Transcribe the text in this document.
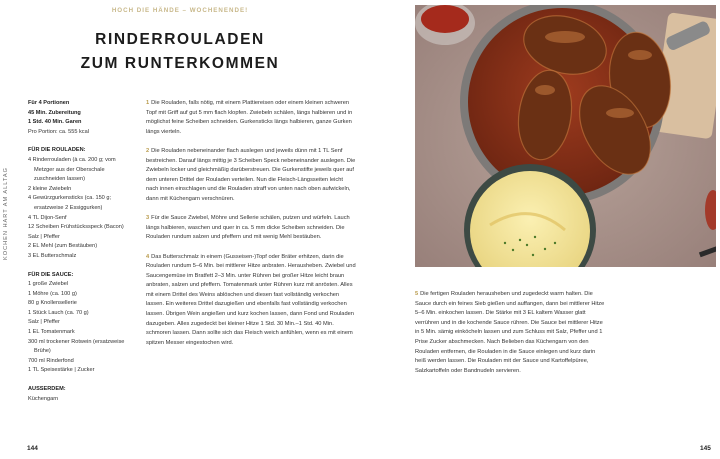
HOCH DIE HÄNDE – WOCHENENDE!
RINDERROULADEN
ZUM RUNTERKOMMEN
KOCHEN HART AM ALLTAG
Für 4 Portionen
45 Min. Zubereitung
1 Std. 40 Min. Garen
Pro Portion: ca. 555 kcal
FÜR DIE ROULADEN:
4 Rinderrouladen (à ca. 200 g; vom Metzger aus der Oberschale zuschneiden lassen)
2 kleine Zwiebeln
4 Gewürzgurkensticks (ca. 150 g; ersatzweise 2 Essiggurken)
4 TL Dijon-Senf
12 Scheiben Frühstücksspeck (Bacon)
Salz | Pfeffer
2 EL Mehl (zum Bestäuben)
3 EL Butterschmalz
FÜR DIE SAUCE:
1 große Zwiebel
1 Möhre (ca. 100 g)
80 g Knollensellerie
1 Stück Lauch (ca. 70 g)
Salz | Pfeffer
1 EL Tomatenmark
300 ml trockener Rotwein (ersatzweise Brühe)
700 ml Rinderfond
1 TL Speisestärke | Zucker
AUSSERDEM:
Küchengarn

1 Die Rouladen, falls nötig, mit einem Plattiereisen oder einem kleinen schweren Topf mit Griff auf gut 5 mm flach klopfen. Zwiebeln schälen, längs halbieren und in möglichst feine Scheiben schneiden. Gurkensticks längs halbieren, ganze Gurken längs vierteln.

2 Die Rouladen nebeneinander flach auslegen und jeweils dünn mit 1 TL Senf bestreichen. Darauf längs mittig je 3 Scheiben Speck nebeneinander auslegen. Die Zwiebeln locker und gleichmäßig darüberstreuen. Die Gurkenstifte jeweils quer auf dem unteren Drittel der Rouladen verteilen. Nun die Fleisch-Längsseiten leicht nach innen einschlagen und die Rouladen straff von unten nach oben aufwickeln, dann mit Küchengarn verschnüren.

3 Für die Sauce Zwiebel, Möhre und Sellerie schälen, putzen und würfeln. Lauch längs halbieren, waschen und quer in ca. 5 mm dicke Scheiben schneiden. Die Rouladen rundum salzen und pfeffern und mit wenig Mehl bestäuben.

4 Das Butterschmalz in einem (Gusseisen-)Topf oder Bräter erhitzen, darin die Rouladen rundum 5–6 Min. bei mittlerer Hitze anbraten. Herausheben. Zwiebel und Saucengemüse im Bratfett 2–3 Min. unter Rühren bei großer Hitze leicht braun anbraten, salzen und pfeffern. Tomatenmark unter Rühren kurz mit anrösten. Alles mit einem Drittel des Weins ablöschen und diesen fast vollständig verkochen lassen. Ein weiteres Drittel dazugießen und ebenfalls fast vollständig verkochen lassen. Übrigen Wein angießen und kurz kochen lassen, dann Fond und Rouladen dazugeben. Alles zugedeckt bei kleiner Hitze 1 Std. 30 Min.–1 Std. 40 Min. schmoren lassen. Dann sollte sich das Fleisch weich anfühlen, wenn es mit einem spitzen Messer eingestochen wird.

144

5 Die fertigen Rouladen herausheben und zugedeckt warm halten. Die Sauce durch ein feines Sieb gießen und auffangen, dann bei mittlerer Hitze 5–6 Min. einkochen lassen. Die Stärke mit 3 EL kaltem Wasser glatt verrühren und in die kochende Sauce rühren. Die Sauce bei mittlerer Hitze in 5 Min. sämig einköcheln lassen und zum Schluss mit Salz, Pfeffer und 1 Prise Zucker abschmecken. Nach Belieben das Küchengarn von den Rouladen entfernen, die Rouladen in die Sauce einlegen und kurz darin heiß werden lassen. Die Rouladen mit der Sauce und Kartoffelpüree, Salzkartoffeln oder Bandnudeln servieren.

145
